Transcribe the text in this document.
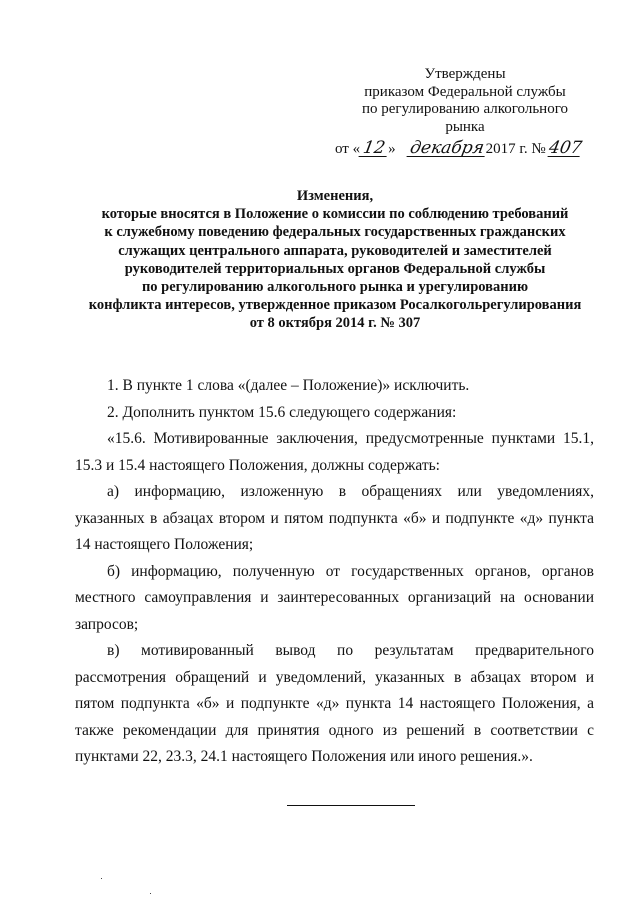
Утверждены
приказом Федеральной службы
по регулированию алкогольного
рынка
от «12» декабря2017 г. № 407
Изменения,
которые вносятся в Положение о комиссии по соблюдению требований
к служебному поведению федеральных государственных гражданских
служащих центрального аппарата, руководителей и заместителей
руководителей территориальных органов Федеральной службы
по регулированию алкогольного рынка и урегулированию
конфликта интересов, утвержденное приказом Росалкогольрегулирования
от 8 октября 2014 г. № 307

1. В пункте 1 слова «(далее – Положение)» исключить.

2. Дополнить пунктом 15.6 следующего содержания:

«15.6. Мотивированные заключения, предусмотренные пунктами 15.1, 15.3 и 15.4 настоящего Положения, должны содержать:

а) информацию, изложенную в обращениях или уведомлениях, указанных в абзацах втором и пятом подпункта «б» и подпункте «д» пункта 14 настоящего Положения;

б) информацию, полученную от государственных органов, органов местного самоуправления и заинтересованных организаций на основании запросов;

в) мотивированный вывод по результатам предварительного рассмотрения обращений и уведомлений, указанных в абзацах втором и пятом подпункта «б» и подпункте «д» пункта 14 настоящего Положения, а также рекомендации для принятия одного из решений в соответствии с пунктами 22, 23.3, 24.1 настоящего Положения или иного решения.».
